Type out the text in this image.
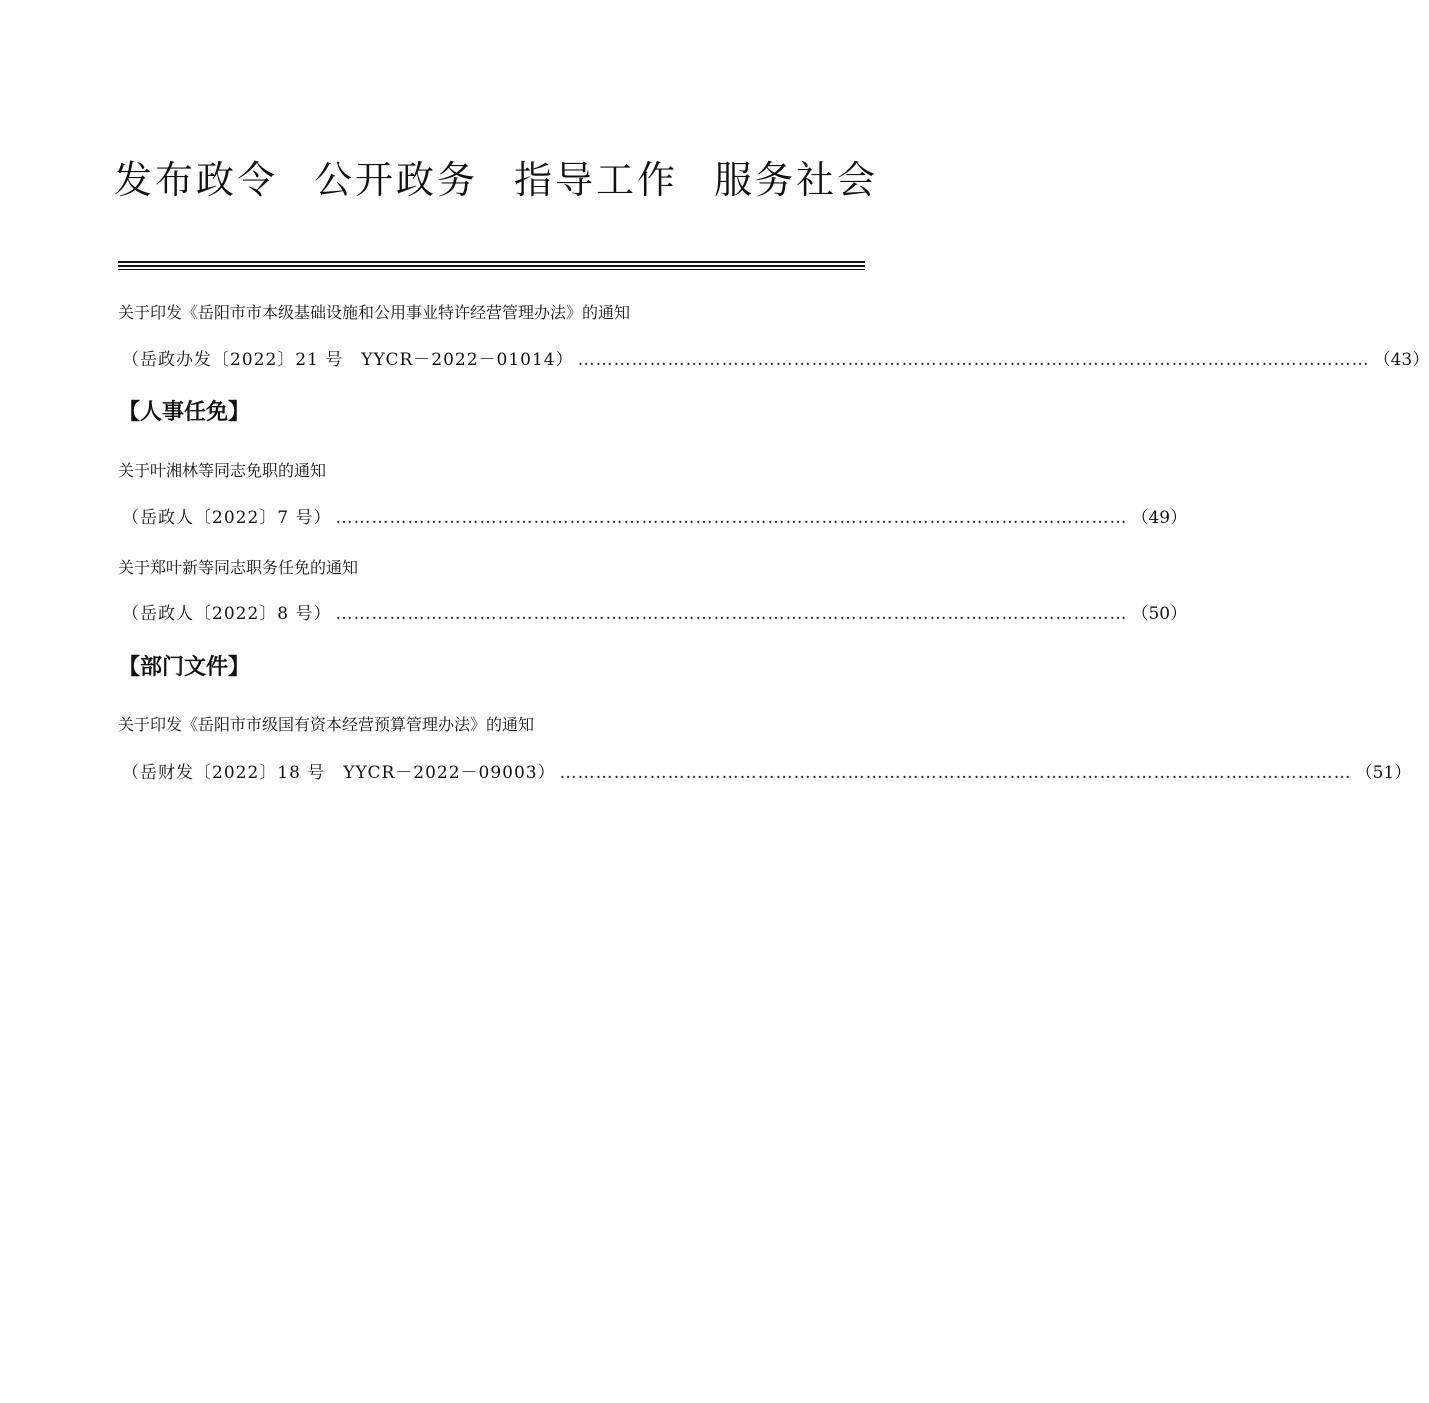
发布政令 公开政务 指导工作 服务社会
关于印发《岳阳市市本级基础设施和公用事业特许经营管理办法》的通知
（岳政办发〔2022〕21 号　YYCR－2022－01014） …………………………………………………………………………………………………………………… （43）
【人事任免】
关于叶湘林等同志免职的通知
（岳政人〔2022〕7 号） …………………………………………………………………………………………………………………… （49）
关于郑叶新等同志职务任免的通知
（岳政人〔2022〕8 号） …………………………………………………………………………………………………………………… （50）
【部门文件】
关于印发《岳阳市市级国有资本经营预算管理办法》的通知
（岳财发〔2022〕18 号　YYCR－2022－09003） …………………………………………………………………………………………………………………… （51）
